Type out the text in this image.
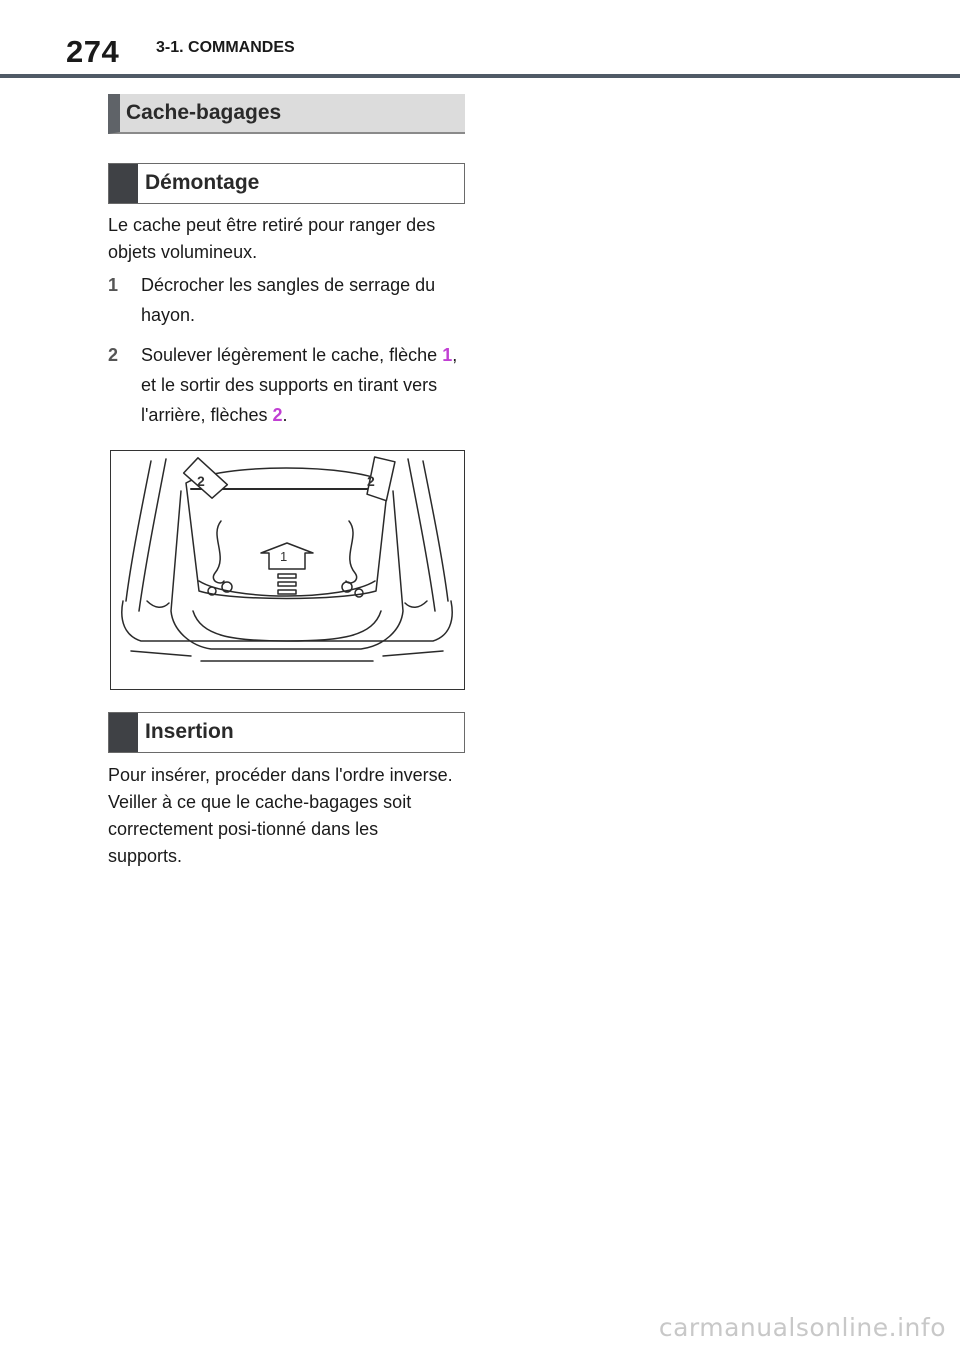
274 3-1. COMMANDES
Cache-bagages
Démontage
Le cache peut être retiré pour ranger des objets volumineux.
1 Décrocher les sangles de serrage du hayon.
2 Soulever légèrement le cache, flèche 1, et le sortir des supports en tirant vers l'arrière, flèches 2.
2	2
1
Insertion
Pour insérer, procéder dans l'ordre inverse. Veiller à ce que le cache-bagages soit correctement posi-tionné dans les supports.
carmanualsonline.info
